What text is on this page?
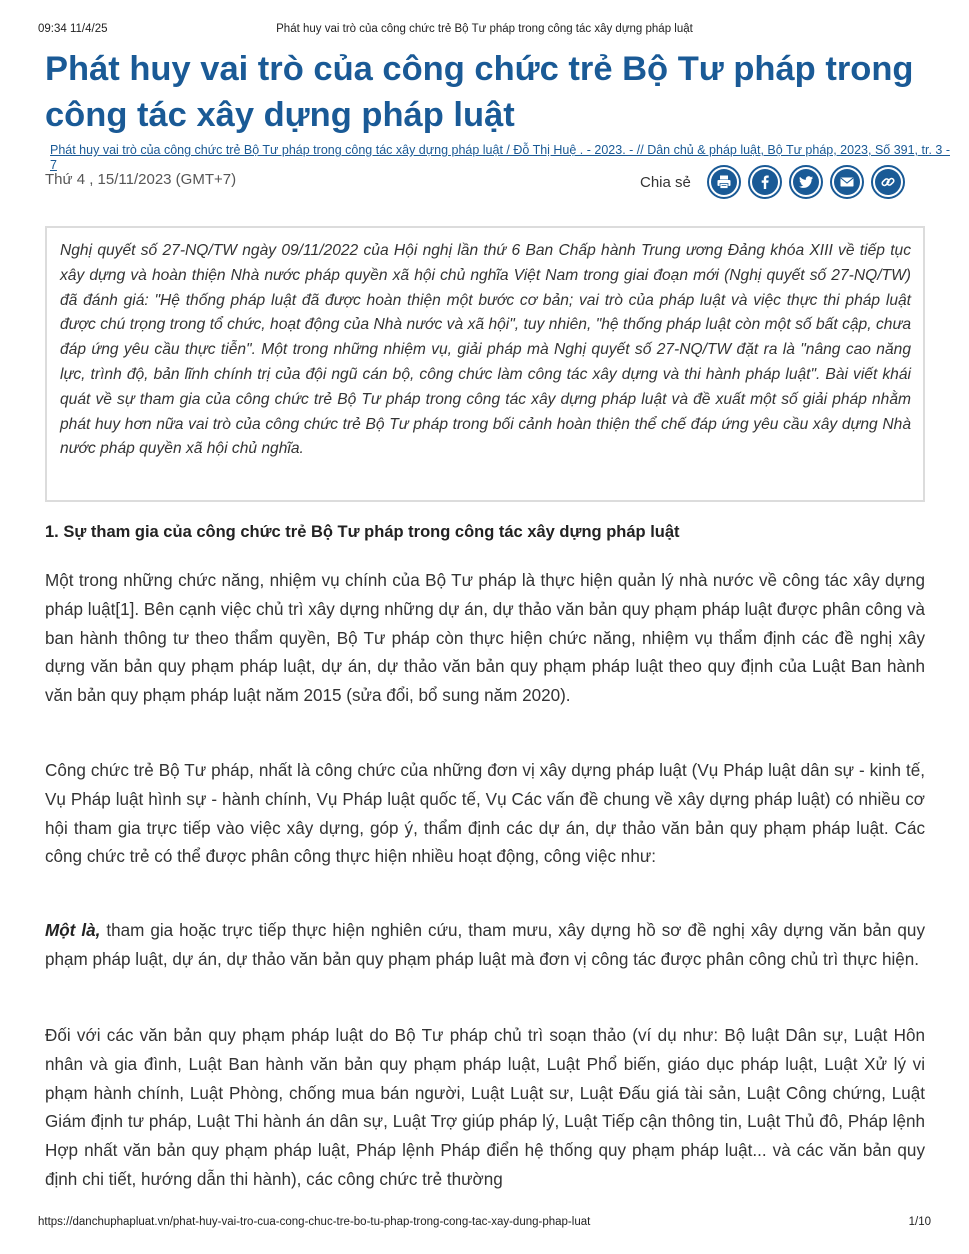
09:34 11/4/25	Phát huy vai trò của công chức trẻ Bộ Tư pháp trong công tác xây dựng pháp luật
Phát huy vai trò của công chức trẻ Bộ Tư pháp trong công tác xây dựng pháp luật

Phát huy vai trò của công chức trẻ Bộ Tư pháp trong công tác xây dựng pháp luật / Đỗ Thị Huệ . - 2023. - // Dân chủ & pháp luật, Bộ Tư pháp, 2023, Số 391, tr. 3 - 7

Thứ 4 , 15/11/2023 (GMT+7)	Chia sẻ

Nghị quyết số 27-NQ/TW ngày 09/11/2022 của Hội nghị lần thứ 6 Ban Chấp hành Trung ương Đảng khóa XIII về tiếp tục xây dựng và hoàn thiện Nhà nước pháp quyền xã hội chủ nghĩa Việt Nam trong giai đoạn mới (Nghị quyết số 27-NQ/TW) đã đánh giá: "Hệ thống pháp luật đã được hoàn thiện một bước cơ bản; vai trò của pháp luật và việc thực thi pháp luật được chú trọng trong tổ chức, hoạt động của Nhà nước và xã hội", tuy nhiên, "hệ thống pháp luật còn một số bất cập, chưa đáp ứng yêu cầu thực tiễn". Một trong những nhiệm vụ, giải pháp mà Nghị quyết số 27-NQ/TW đặt ra là "nâng cao năng lực, trình độ, bản lĩnh chính trị của đội ngũ cán bộ, công chức làm công tác xây dựng và thi hành pháp luật". Bài viết khái quát về sự tham gia của công chức trẻ Bộ Tư pháp trong công tác xây dựng pháp luật và đề xuất một số giải pháp nhằm phát huy hơn nữa vai trò của công chức trẻ Bộ Tư pháp trong bối cảnh hoàn thiện thể chế đáp ứng yêu cầu xây dựng Nhà nước pháp quyền xã hội chủ nghĩa.

1. Sự tham gia của công chức trẻ Bộ Tư pháp trong công tác xây dựng pháp luật

Một trong những chức năng, nhiệm vụ chính của Bộ Tư pháp là thực hiện quản lý nhà nước về công tác xây dựng pháp luật[1]. Bên cạnh việc chủ trì xây dựng những dự án, dự thảo văn bản quy phạm pháp luật được phân công và ban hành thông tư theo thẩm quyền, Bộ Tư pháp còn thực hiện chức năng, nhiệm vụ thẩm định các đề nghị xây dựng văn bản quy phạm pháp luật, dự án, dự thảo văn bản quy phạm pháp luật theo quy định của Luật Ban hành văn bản quy phạm pháp luật năm 2015 (sửa đổi, bổ sung năm 2020).

Công chức trẻ Bộ Tư pháp, nhất là công chức của những đơn vị xây dựng pháp luật (Vụ Pháp luật dân sự - kinh tế, Vụ Pháp luật hình sự - hành chính, Vụ Pháp luật quốc tế, Vụ Các vấn đề chung về xây dựng pháp luật) có nhiều cơ hội tham gia trực tiếp vào việc xây dựng, góp ý, thẩm định các dự án, dự thảo văn bản quy phạm pháp luật. Các công chức trẻ có thể được phân công thực hiện nhiều hoạt động, công việc như:

Một là, tham gia hoặc trực tiếp thực hiện nghiên cứu, tham mưu, xây dựng hồ sơ đề nghị xây dựng văn bản quy phạm pháp luật, dự án, dự thảo văn bản quy phạm pháp luật mà đơn vị công tác được phân công chủ trì thực hiện.

Đối với các văn bản quy phạm pháp luật do Bộ Tư pháp chủ trì soạn thảo (ví dụ như: Bộ luật Dân sự, Luật Hôn nhân và gia đình, Luật Ban hành văn bản quy phạm pháp luật, Luật Phổ biến, giáo dục pháp luật, Luật Xử lý vi phạm hành chính, Luật Phòng, chống mua bán người, Luật Luật sư, Luật Đấu giá tài sản, Luật Công chứng, Luật Giám định tư pháp, Luật Thi hành án dân sự, Luật Trợ giúp pháp lý, Luật Tiếp cận thông tin, Luật Thủ đô, Pháp lệnh Hợp nhất văn bản quy phạm pháp luật, Pháp lệnh Pháp điển hệ thống quy phạm pháp luật... và các văn bản quy định chi tiết, hướng dẫn thi hành), các công chức trẻ thường

https://danchuphapluat.vn/phat-huy-vai-tro-cua-cong-chuc-tre-bo-tu-phap-trong-cong-tac-xay-dung-phap-luat	1/10
